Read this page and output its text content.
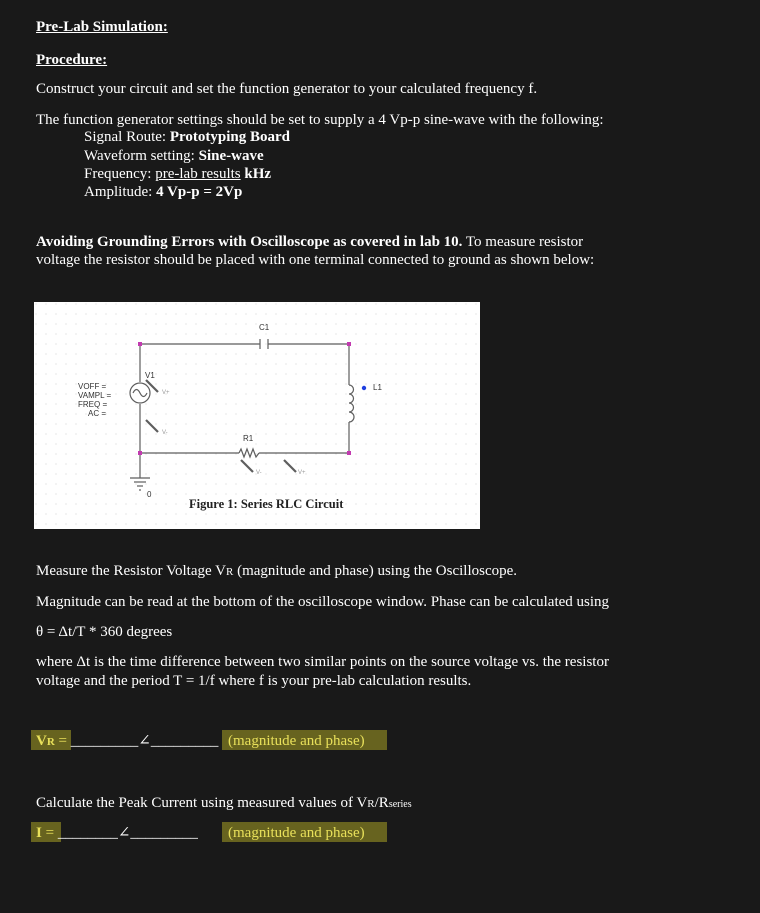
Pre-Lab Simulation:
Procedure:
Construct your circuit and set the function generator to your calculated frequency f.
The function generator settings should be set to supply a 4 Vp-p sine-wave with the following:
Signal Route: Prototyping Board
Waveform setting: Sine-wave
Frequency: pre-lab results kHz
Amplitude: 4 Vp-p = 2Vp
Avoiding Grounding Errors with Oscilloscope as covered in lab 10. To measure resistor
voltage the resistor should be placed with one terminal connected to ground as shown below:
C1
L1
R1
V1
VOFF =
VAMPL =
FREQ =
AC =
0
V+
V-
V-	V+
Figure 1: Series RLC Circuit
Measure the Resistor Voltage VR (magnitude and phase) using the Oscilloscope.
Magnitude can be read at the bottom of the oscilloscope window. Phase can be calculated using
θ = Δt/T * 360 degrees
where Δt is the time difference between two similar points on the source voltage vs. the resistor
voltage and the period T = 1/f where f is your pre-lab calculation results.
VR = _________∠_________ (magnitude and phase)
Calculate the Peak Current using measured values of VR/Rseries
I = ________∠_________ (magnitude and phase)
